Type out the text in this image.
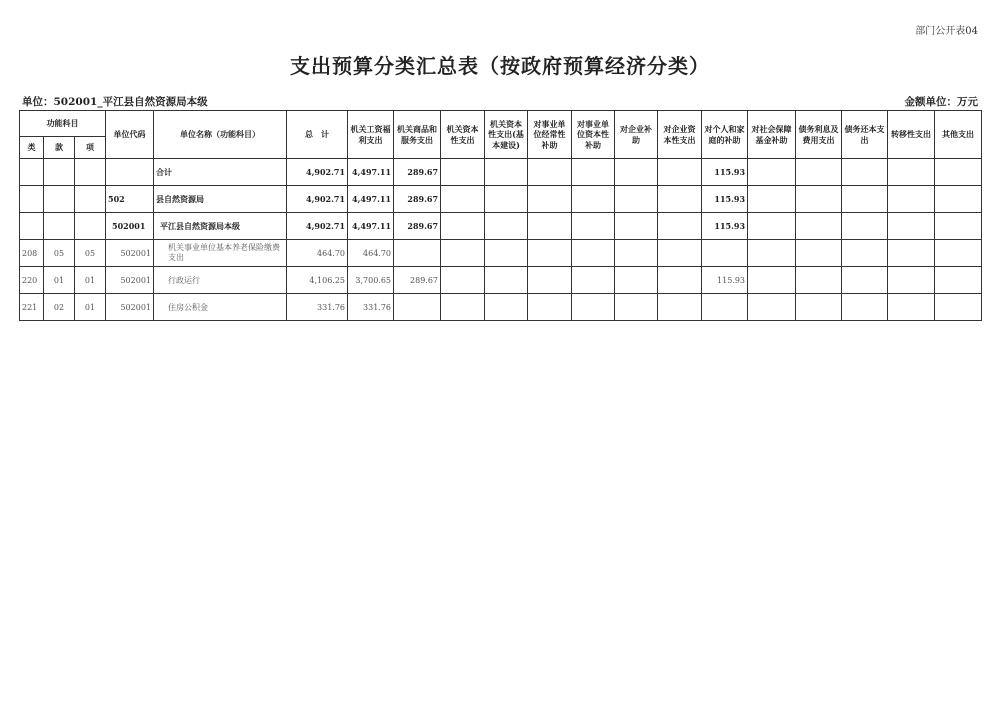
部门公开表04
支出预算分类汇总表（按政府预算经济分类）
单位：502001_平江县自然资源局本级	金额单位：万元
功能科目			单位代码	单位名称（功能科目）	总　计	机关工资福利支出	机关商品和服务支出	机关资本性支出	机关资本性支出(基本建设)	对事业单位经常性补助	对事业单位资本性补助	对企业补助	对企业资本性支出	对个人和家庭的补助	对社会保障基金补助	债务利息及费用支出	债务还本支出	转移性支出	其他支出
类	款	项																	
				合计	4,902.71	4,497.11	289.67							115.93					
			502	县自然资源局	4,902.71	4,497.11	289.67							115.93					
			502001	平江县自然资源局本级	4,902.71	4,497.11	289.67							115.93					
208	05	05	502001	机关事业单位基本养老保险缴费支出	464.70	464.70													
220	01	01	502001	行政运行	4,106.25	3,700.65	289.67							115.93					
221	02	01	502001	住房公积金	331.76	331.76													
